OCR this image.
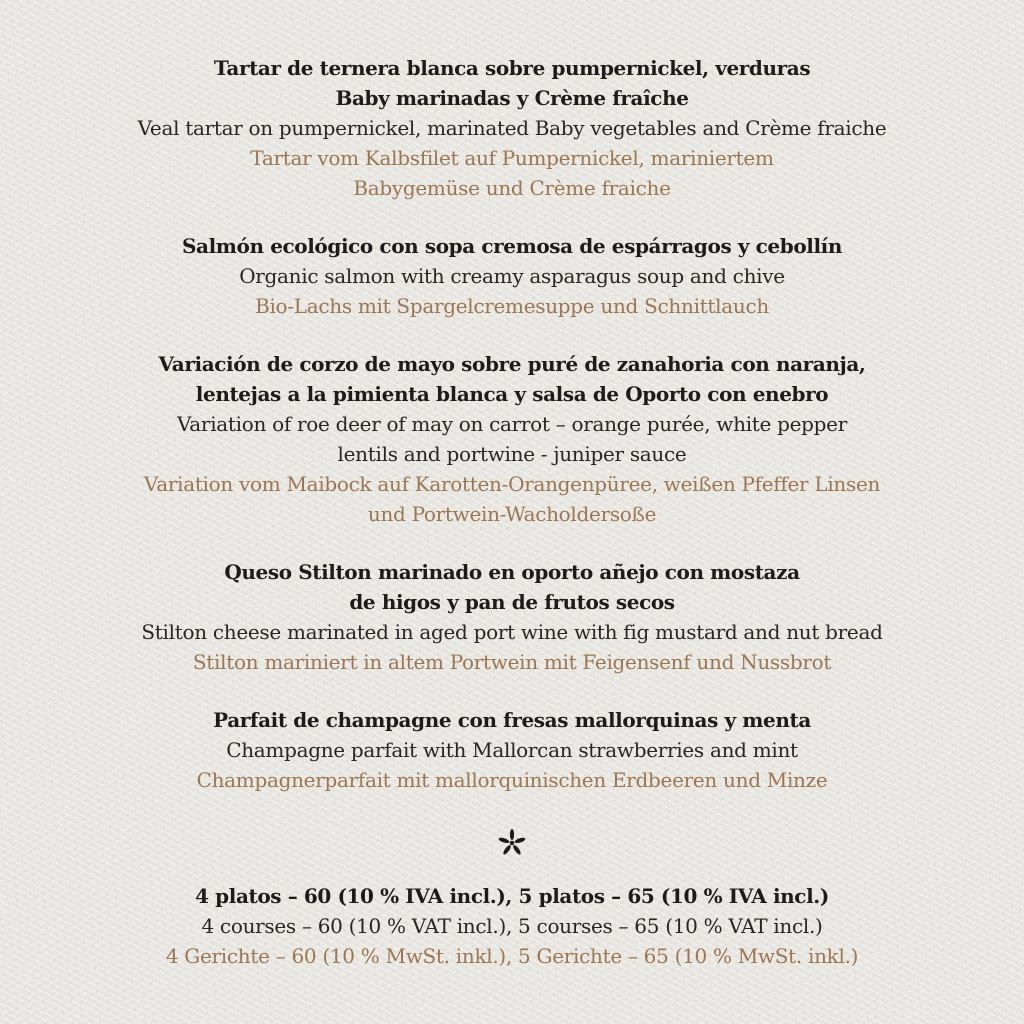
Tartar de ternera blanca sobre pumpernickel, verduras

Baby marinadas y Crème fraîche

Veal tartar on pumpernickel, marinated Baby vegetables and Crème fraiche

Tartar vom Kalbsfilet auf Pumpernickel, mariniertem

Babygemüse und Crème fraiche

Salmón ecológico con sopa cremosa de espárragos y cebollín

Organic salmon with creamy asparagus soup and chive

Bio-Lachs mit Spargelcremesuppe und Schnittlauch

Variación de corzo de mayo sobre puré de zanahoria con naranja,

lentejas a la pimienta blanca y salsa de Oporto con enebro

Variation of roe deer of may on carrot – orange purée, white pepper

lentils and portwine - juniper sauce

Variation vom Maibock auf Karotten-Orangenpüree, weißen Pfeffer Linsen

und Portwein-Wacholdersoße

Queso Stilton marinado en oporto añejo con mostaza

de higos y pan de frutos secos

Stilton cheese marinated in aged port wine with fig mustard and nut bread

Stilton mariniert in altem Portwein mit Feigensenf und Nussbrot

Parfait de champagne con fresas mallorquinas y menta

Champagne parfait with Mallorcan strawberries and mint

Champagnerparfait mit mallorquinischen Erdbeeren und Minze

4 platos – 60 (10 % IVA incl.), 5 platos – 65 (10 % IVA incl.)

4 courses – 60 (10 % VAT incl.), 5 courses – 65 (10 % VAT incl.)

4 Gerichte – 60 (10 % MwSt. inkl.), 5 Gerichte – 65 (10 % MwSt. inkl.)
